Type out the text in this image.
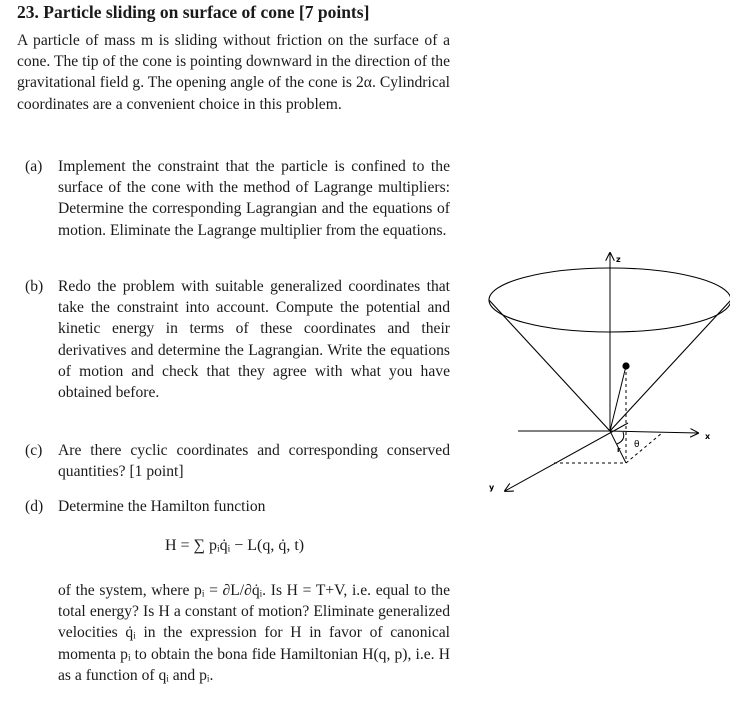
23. Particle sliding on surface of cone [7 points]
A particle of mass m is sliding without friction on the surface of a cone. The tip of the cone is pointing downward in the direction of the gravitational field g. The opening angle of the cone is 2α. Cylindrical coordinates are a convenient choice in this problem.
(a) Implement the constraint that the particle is confined to the surface of the cone with the method of Lagrange multipliers: Determine the corresponding Lagrangian and the equations of motion. Eliminate the Lagrange multiplier from the equations.
(b) Redo the problem with suitable generalized coordinates that take the constraint into account. Compute the potential and kinetic energy in terms of these coordinates and their derivatives and determine the Lagrangian. Write the equations of motion and check that they agree with what you have obtained before.
(c) Are there cyclic coordinates and corresponding conserved quantities? [1 point]
(d) Determine the Hamilton function
H = ∑ pᵢq̇ᵢ − L(q, q̇, t)
of the system, where pᵢ = ∂L/∂q̇ᵢ. Is H = T+V, i.e. equal to the total energy? Is H a constant of motion? Eliminate generalized velocities q̇ᵢ in the expression for H in favor of canonical momenta pᵢ to obtain the bona fide Hamiltonian H(q, p), i.e. H as a function of qᵢ and pᵢ.
z
x
y
r θ
